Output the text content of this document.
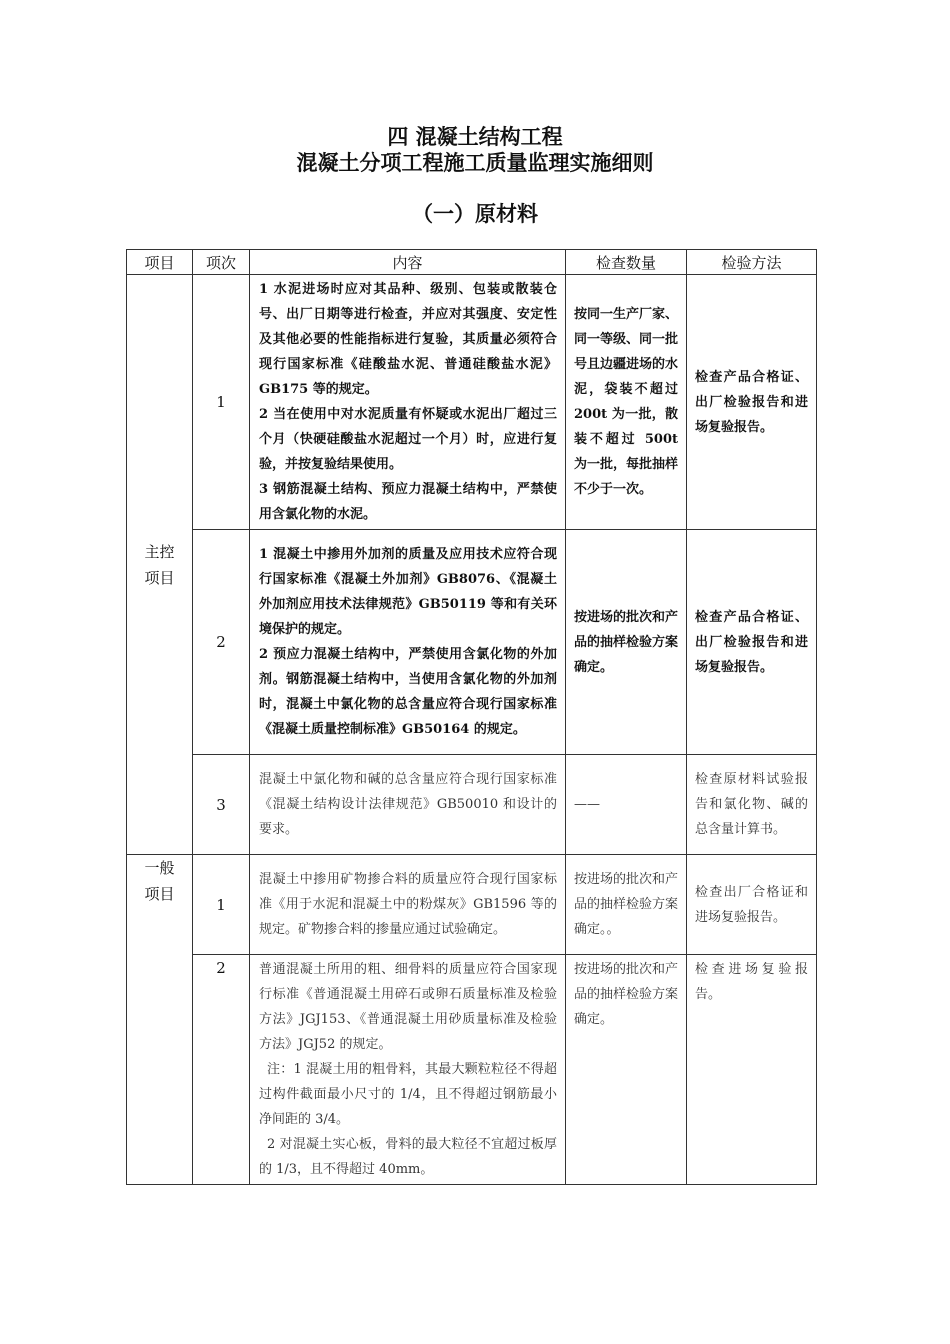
四 混凝土结构工程
混凝土分项工程施工质量监理实施细则
（一）原材料
项目	项次	内容	检查数量	检验方法
主控项目	1	1 水泥进场时应对其品种、级别、包装或散装仓号、出厂日期等进行检查，并应对其强度、安定性及其他必要的性能指标进行复验，其质量必须符合现行国家标准《硅酸盐水泥、普通硅酸盐水泥》GB175 等的规定。
2 当在使用中对水泥质量有怀疑或水泥出厂超过三个月（快硬硅酸盐水泥超过一个月）时，应进行复验，并按复验结果使用。
3 钢筋混凝土结构、预应力混凝土结构中，严禁使用含氯化物的水泥。	按同一生产厂家、同一等级、同一批号且边疆进场的水泥，袋装不超过 200t 为一批，散装不超过 500t 为一批，每批抽样不少于一次。	检查产品合格证、出厂检验报告和进场复验报告。
	2	1 混凝土中掺用外加剂的质量及应用技术应符合现行国家标准《混凝土外加剂》GB8076、《混凝土外加剂应用技术法律规范》GB50119 等和有关环境保护的规定。
2 预应力混凝土结构中，严禁使用含氯化物的外加剂。钢筋混凝土结构中，当使用含氯化物的外加剂时，混凝土中氯化物的总含量应符合现行国家标准《混凝土质量控制标准》GB50164 的规定。	按进场的批次和产品的抽样检验方案确定。	检查产品合格证、出厂检验报告和进场复验报告。
	3	混凝土中氯化物和碱的总含量应符合现行国家标准《混凝土结构设计法律规范》GB50010 和设计的要求。	——	检查原材料试验报告和氯化物、碱的总含量计算书。
一般项目	1	混凝土中掺用矿物掺合料的质量应符合现行国家标准《用于水泥和混凝土中的粉煤灰》GB1596 等的规定。矿物掺合料的掺量应通过试验确定。	按进场的批次和产品的抽样检验方案确定。。	检查出厂合格证和进场复验报告。
	2	普通混凝土所用的粗、细骨料的质量应符合国家现行标准《普通混凝土用碎石或卵石质量标准及检验方法》JGJ153、《普通混凝土用砂质量标准及检验方法》JGJ52 的规定。
注：1 混凝土用的粗骨料，其最大颗粒粒径不得超过构件截面最小尺寸的 1/4，且不得超过钢筋最小净间距的 3/4。
2 对混凝土实心板，骨料的最大粒径不宜超过板厚的 1/3，且不得超过 40mm。	按进场的批次和产品的抽样检验方案确定。	检查进场复验报告。
